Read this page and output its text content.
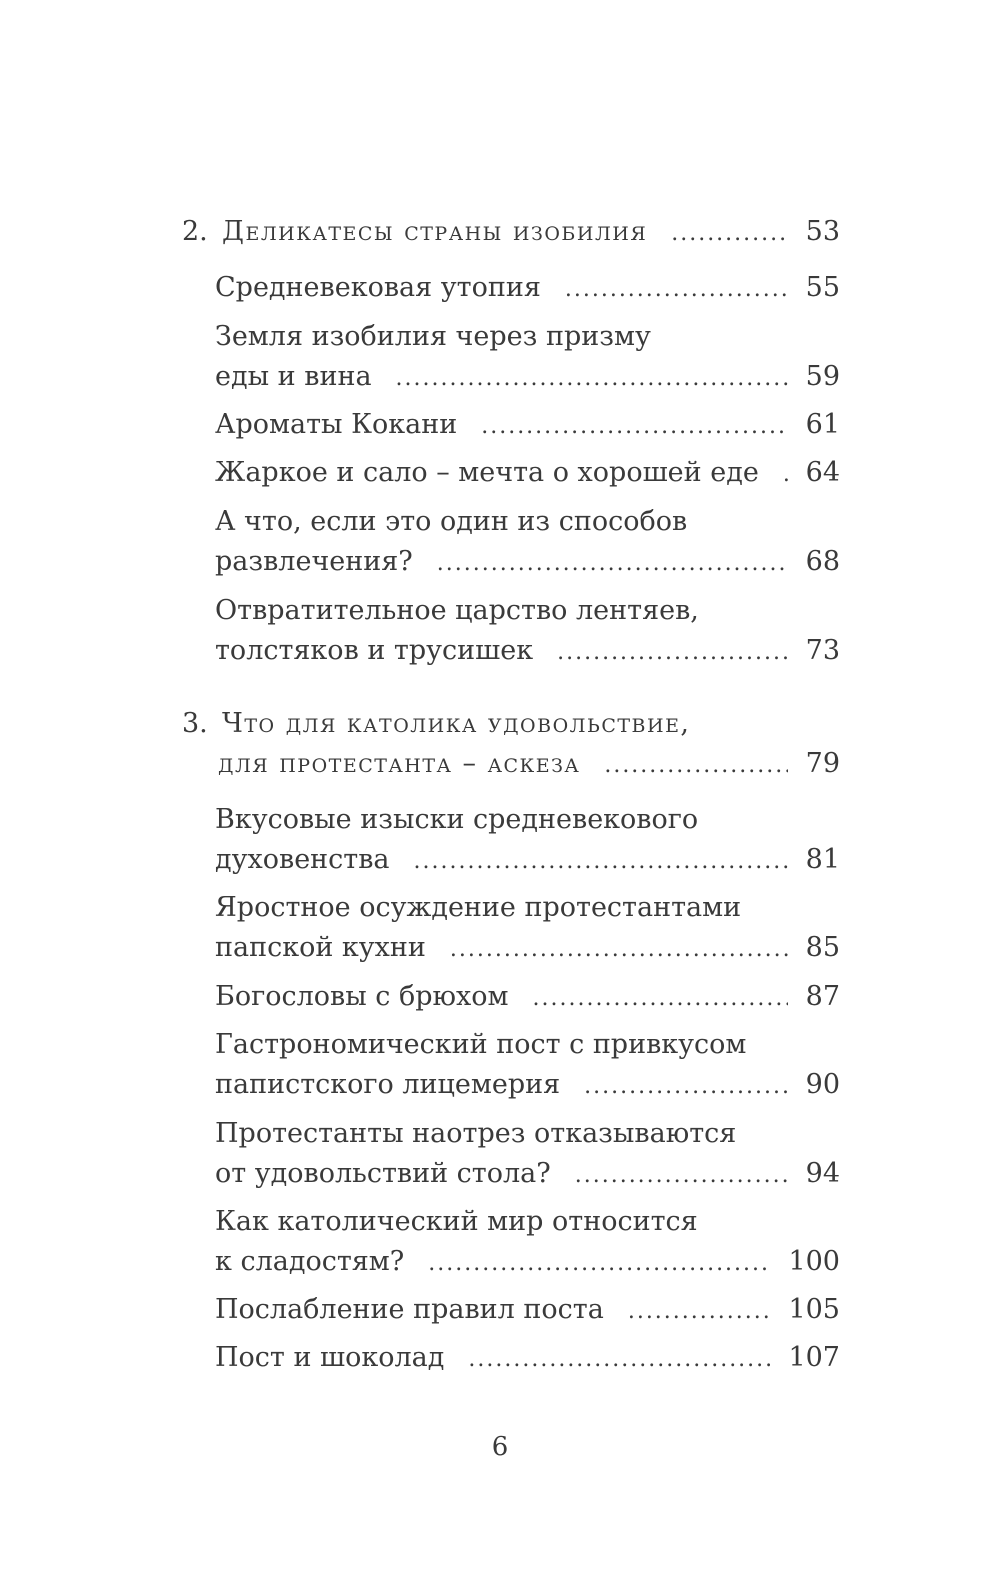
2. Деликатесы страны изобилия .....	53
Средневековая утопия .....	55
Земля изобилия через призму
еды и вина .....	59
Ароматы Кокани .....	61
Жаркое и сало – мечта о хорошей еде ..... 64
А что, если это один из способов
развлечения? .....	68
Отвратительное царство лентяев,
толстяков и трусишек .....	73
3. Что для католика удовольствие,
для протестанта – аскеза .....	79
Вкусовые изыски средневекового
духовенства .....	81
Яростное осуждение протестантами
папской кухни .....	85
Богословы с брюхом .....	87
Гастрономический пост с привкусом
папистского лицемерия .....	90
Протестанты наотрез отказываются
от удовольствий стола? .....	94
Как католический мир относится
к сладостям? .....	100
Послабление правил поста .....	105
Пост и шоколад .....	107
6
